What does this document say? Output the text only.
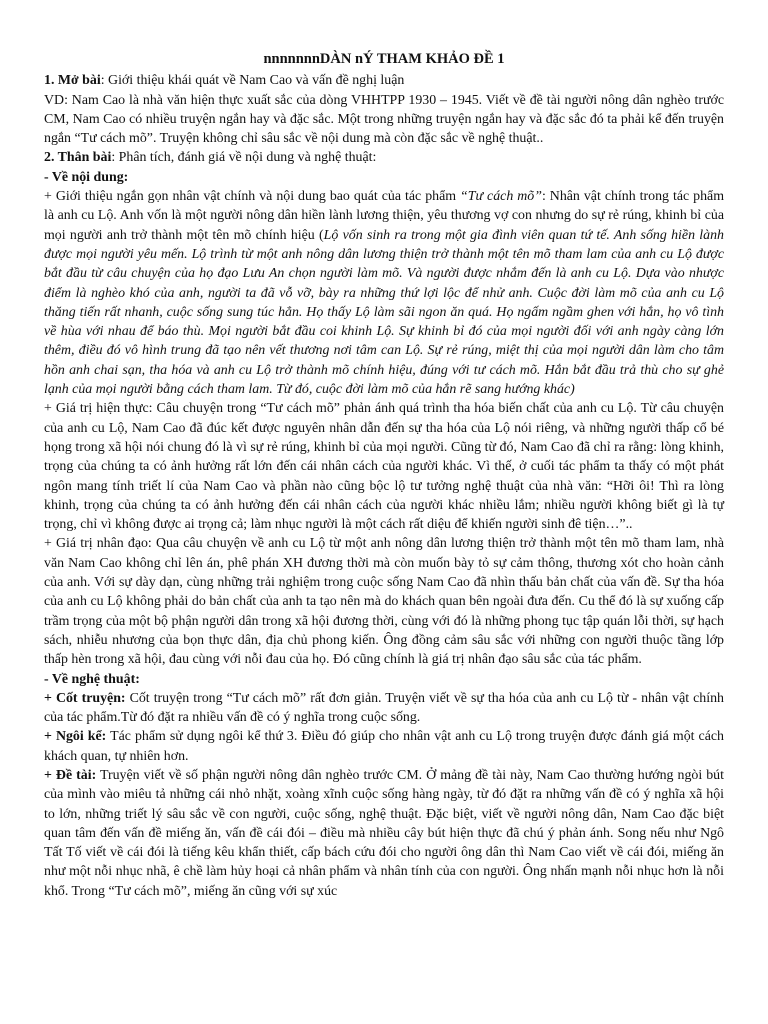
nnnnnnnDÀN nÝ THAM KHẢO ĐỀ 1

1. Mở bài: Giới thiệu khái quát về Nam Cao và vấn đề nghị luận

VD: Nam Cao là nhà văn hiện thực xuất sắc của dòng VHHTPP 1930 – 1945. Viết về đề tài người nông dân nghèo trước CM, Nam Cao có nhiều truyện ngắn hay và đặc sắc. Một trong những truyện ngắn hay và đặc sắc đó ta phải kể đến truyện ngắn “Tư cách mõ”. Truyện không chỉ sâu sắc về nội dung mà còn đặc sắc về nghệ thuật..

2. Thân bài: Phân tích, đánh giá về nội dung và nghệ thuật:

- Về nội dung:

+ Giới thiệu ngắn gọn nhân vật chính và nội dung bao quát của tác phẩm “Tư cách mõ”: Nhân vật chính trong tác phẩm là anh cu Lộ. Anh vốn là một người nông dân hiền lành lương thiện, yêu thương vợ con nhưng do sự rẻ rúng, khinh bỉ của mọi người anh trở thành một tên mõ chính hiệu (Lộ vốn sinh ra trong một gia đình viên quan tứ tế. Anh sống hiền lành được mọi người yêu mến. Lộ trình từ một anh nông dân lương thiện trở thành một tên mõ tham lam của anh cu Lộ được bắt đầu từ câu chuyện của họ đạo Lưu An chọn người làm mõ. Và người được nhắm đến là anh cu Lộ. Dựa vào nhược điểm là nghèo khó của anh, người ta đã vỗ vỡ, bày ra những thứ lợi lộc để nhử anh. Cuộc đời làm mõ của anh cu Lộ thăng tiến rất nhanh, cuộc sống sung túc hẳn. Họ thấy Lộ làm sãi ngon ăn quá. Họ ngấm ngầm ghen với hắn, họ vô tình về hùa với nhau để báo thù. Mọi người bắt đầu coi khinh Lộ. Sự khinh bỉ đó của mọi người đối với anh ngày càng lớn thêm, điều đó vô hình trung đã tạo nên vết thương nơi tâm can Lộ. Sự rẻ rúng, miệt thị của mọi người dân làm cho tâm hồn anh chai sạn, tha hóa và anh cu Lộ trở thành mõ chính hiệu, đúng với tư cách mõ. Hắn bắt đầu trả thù cho sự ghẻ lạnh của mọi người bằng cách tham lam. Từ đó, cuộc đời làm mõ của hắn rẽ sang hướng khác)

+ Giá trị hiện thực: Câu chuyện trong “Tư cách mõ” phản ánh quá trình tha hóa biến chất của anh cu Lộ. Từ câu chuyện của anh cu Lộ, Nam Cao đã đúc kết được nguyên nhân dẫn đến sự tha hóa của Lộ nói riêng, và những người thấp cổ bé họng trong xã hội nói chung đó là vì sự rẻ rúng, khinh bỉ của mọi người. Cũng từ đó, Nam Cao đã chỉ ra rằng: lòng khinh, trọng của chúng ta có ảnh hưởng rất lớn đến cái nhân cách của người khác. Vì thế, ở cuối tác phẩm ta thấy có một phát ngôn mang tính triết lí của Nam Cao và phần nào cũng bộc lộ tư tưởng nghệ thuật của nhà văn: “Hỡi ôi! Thì ra lòng khinh, trọng của chúng ta có ảnh hưởng đến cái nhân cách của người khác nhiều lắm; nhiều người không biết gì là tự trọng, chỉ vì không được ai trọng cả; làm nhục người là một cách rất diệu để khiến người sinh đê tiện…”..

+ Giá trị nhân đạo: Qua câu chuyện về anh cu Lộ từ một anh nông dân lương thiện trở thành một tên mõ tham lam, nhà văn Nam Cao không chỉ lên án, phê phán XH đương thời mà còn muốn bày tỏ sự cảm thông, thương xót cho hoàn cảnh của anh. Với sự dày dạn, cùng những trải nghiệm trong cuộc sống Nam Cao đã nhìn thấu bản chất của vấn đề. Sự tha hóa của anh cu Lộ không phải do bản chất của anh ta tạo nên mà do khách quan bên ngoài đưa đến. Cu thể đó là sự xuống cấp trầm trọng của một bộ phận người dân trong xã hội đương thời, cùng với đó là những phong tục tập quán lỗi thời, sự hạch sách, nhiễu nhương của bọn thực dân, địa chủ phong kiến. Ông đồng cảm sâu sắc với những con người thuộc tầng lớp thấp hèn trong xã hội, đau cùng với nỗi đau của họ. Đó cũng chính là giá trị nhân đạo sâu sắc của tác phẩm.

- Về nghệ thuật:

+ Cốt truyện: Cốt truyện trong “Tư cách mõ” rất đơn giản. Truyện viết về sự tha hóa của anh cu Lộ từ - nhân vật chính của tác phẩm.Từ đó đặt ra nhiều vấn đề có ý nghĩa trong cuộc sống.

+ Ngôi kể: Tác phẩm sử dụng ngôi kể thứ 3. Điều đó giúp cho nhân vật anh cu Lộ trong truyện được đánh giá một cách khách quan, tự nhiên hơn.

+ Đề tài: Truyện viết về số phận người nông dân nghèo trước CM. Ở mảng đề tài này, Nam Cao thường hướng ngòi bút của mình vào miêu tả những cái nhỏ nhặt, xoàng xĩnh cuộc sống hàng ngày, từ đó đặt ra những vấn đề có ý nghĩa xã hội to lớn, những triết lý sâu sắc về con người, cuộc sống, nghệ thuật. Đặc biệt, viết về người nông dân, Nam Cao đặc biệt quan tâm đến vấn đề miếng ăn, vấn đề cái đói – điều mà nhiều cây bút hiện thực đã chú ý phản ánh. Song nếu như Ngô Tất Tố viết về cái đói là tiếng kêu khẩn thiết, cấp bách cứu đói cho người ông dân thì Nam Cao viết về cái đói, miếng ăn như một nỗi nhục nhã, ê chề làm hủy hoại cả nhân phẩm và nhân tính của con người. Ông nhấn mạnh nỗi nhục hơn là nỗi khổ. Trong “Tư cách mõ”, miếng ăn cũng với sự xúc
